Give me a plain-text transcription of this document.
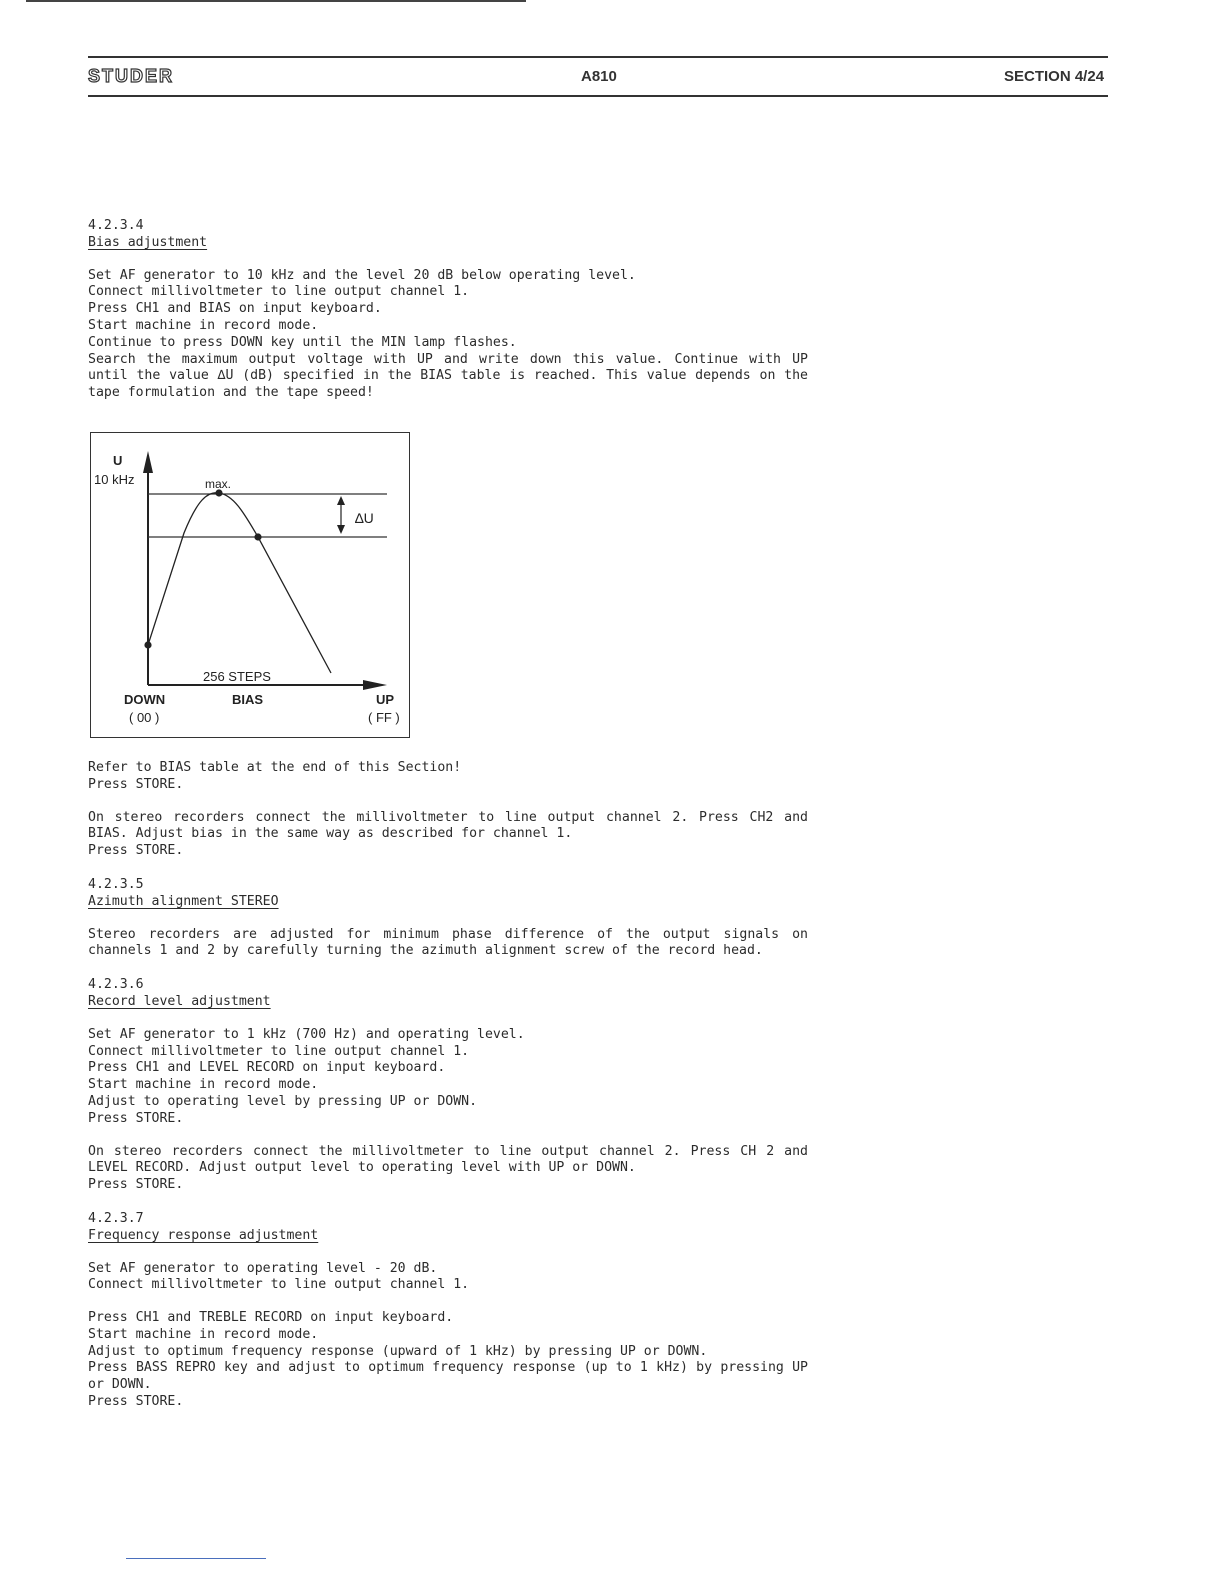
STUDER	A810	SECTION 4/24

4.2.3.4

Bias adjustment

Set AF generator to 10 kHz and the level 20 dB below operating level.
Connect millivoltmeter to line output channel 1.
Press CH1 and BIAS on input keyboard.
Start machine in record mode.
Continue to press DOWN key until the MIN lamp flashes.

Search the maximum output voltage with UP and write down this value. Continue with UP until the value ∆U (dB) specified in the BIAS table is reached. This value depends on the tape formulation and the tape speed!

U
10 kHz	max.
∆U
256 STEPS
DOWN
( 00 )
BIAS	UP
( FF )

Refer to BIAS table at the end of this Section!
Press STORE.

On stereo recorders connect the millivoltmeter to line output channel 2. Press CH2 and BIAS. Adjust bias in the same way as described for channel 1.

Press STORE.

4.2.3.5

Azimuth alignment STEREO

Stereo recorders are adjusted for minimum phase difference of the output signals on channels 1 and 2 by carefully turning the azimuth alignment screw of the record head.

4.2.3.6

Record level adjustment

Set AF generator to 1 kHz (700 Hz) and operating level.
Connect millivoltmeter to line output channel 1.
Press CH1 and LEVEL RECORD on input keyboard.
Start machine in record mode.
Adjust to operating level by pressing UP or DOWN.
Press STORE.

On stereo recorders connect the millivoltmeter to line output channel 2. Press CH 2 and LEVEL RECORD. Adjust output level to operating level with UP or DOWN.

Press STORE.

4.2.3.7

Frequency response adjustment

Set AF generator to operating level - 20 dB.
Connect millivoltmeter to line output channel 1.

Press CH1 and TREBLE RECORD on input keyboard.
Start machine in record mode.

Adjust to optimum frequency response (upward of 1 kHz) by pressing UP or DOWN.

Press BASS REPRO key and adjust to optimum frequency response (up to 1 kHz) by pressing UP or DOWN.

Press STORE.
